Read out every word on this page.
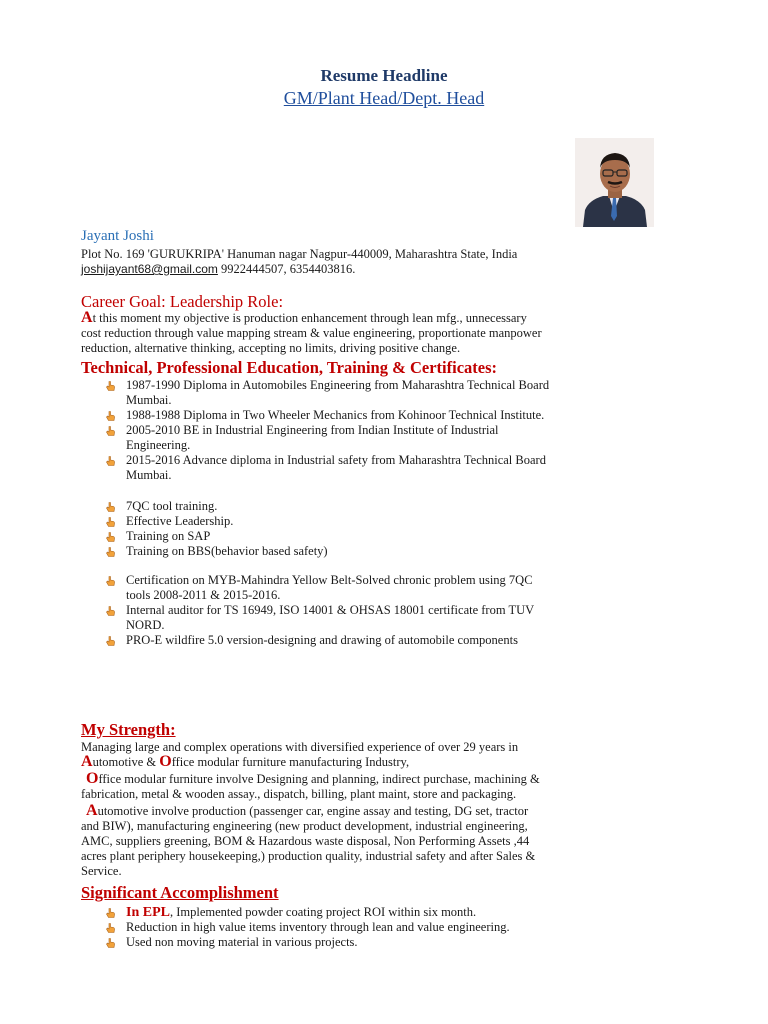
Resume Headline
GM/Plant Head/Dept. Head
Jayant Joshi
Plot No. 169 'GURUKRIPA' Hanuman nagar Nagpur-440009, Maharashtra State, India
joshijayant68@gmail.com 9922444507, 6354403816.
Career Goal: Leadership Role:
At this moment my objective is production enhancement through lean mfg., unnecessary
cost reduction through value mapping stream & value engineering, proportionate manpower
reduction, alternative thinking, accepting no limits, driving positive change.
Technical, Professional Education, Training & Certificates:
1987-1990 Diploma in Automobiles Engineering from Maharashtra Technical Board
Mumbai.
1988-1988 Diploma in Two Wheeler Mechanics from Kohinoor Technical Institute.
2005-2010 BE in Industrial Engineering from Indian Institute of Industrial
Engineering.
2015-2016 Advance diploma in Industrial safety from Maharashtra Technical Board
Mumbai.
7QC tool training.
Effective Leadership.
Training on SAP
Training on BBS(behavior based safety)
Certification on MYB-Mahindra Yellow Belt-Solved chronic problem using 7QC
tools 2008-2011 & 2015-2016.
Internal auditor for TS 16949, ISO 14001 & OHSAS 18001 certificate from TUV
NORD.
PRO-E wildfire 5.0 version-designing and drawing of automobile components
My Strength:
Managing large and complex operations with diversified experience of over 29 years in
Automotive & Office modular furniture manufacturing Industry,
Office modular furniture involve Designing and planning, indirect purchase, machining &
fabrication, metal & wooden assay., dispatch, billing, plant maint, store and packaging.
Automotive involve production (passenger car, engine assay and testing, DG set, tractor
and BIW), manufacturing engineering (new product development, industrial engineering,
AMC, suppliers greening, BOM & Hazardous waste disposal, Non Performing Assets ,44
acres plant periphery housekeeping,) production quality, industrial safety and after Sales &
Service.
Significant Accomplishment
In EPL, Implemented powder coating project ROI within six month.
Reduction in high value items inventory through lean and value engineering.
Used non moving material in various projects.
